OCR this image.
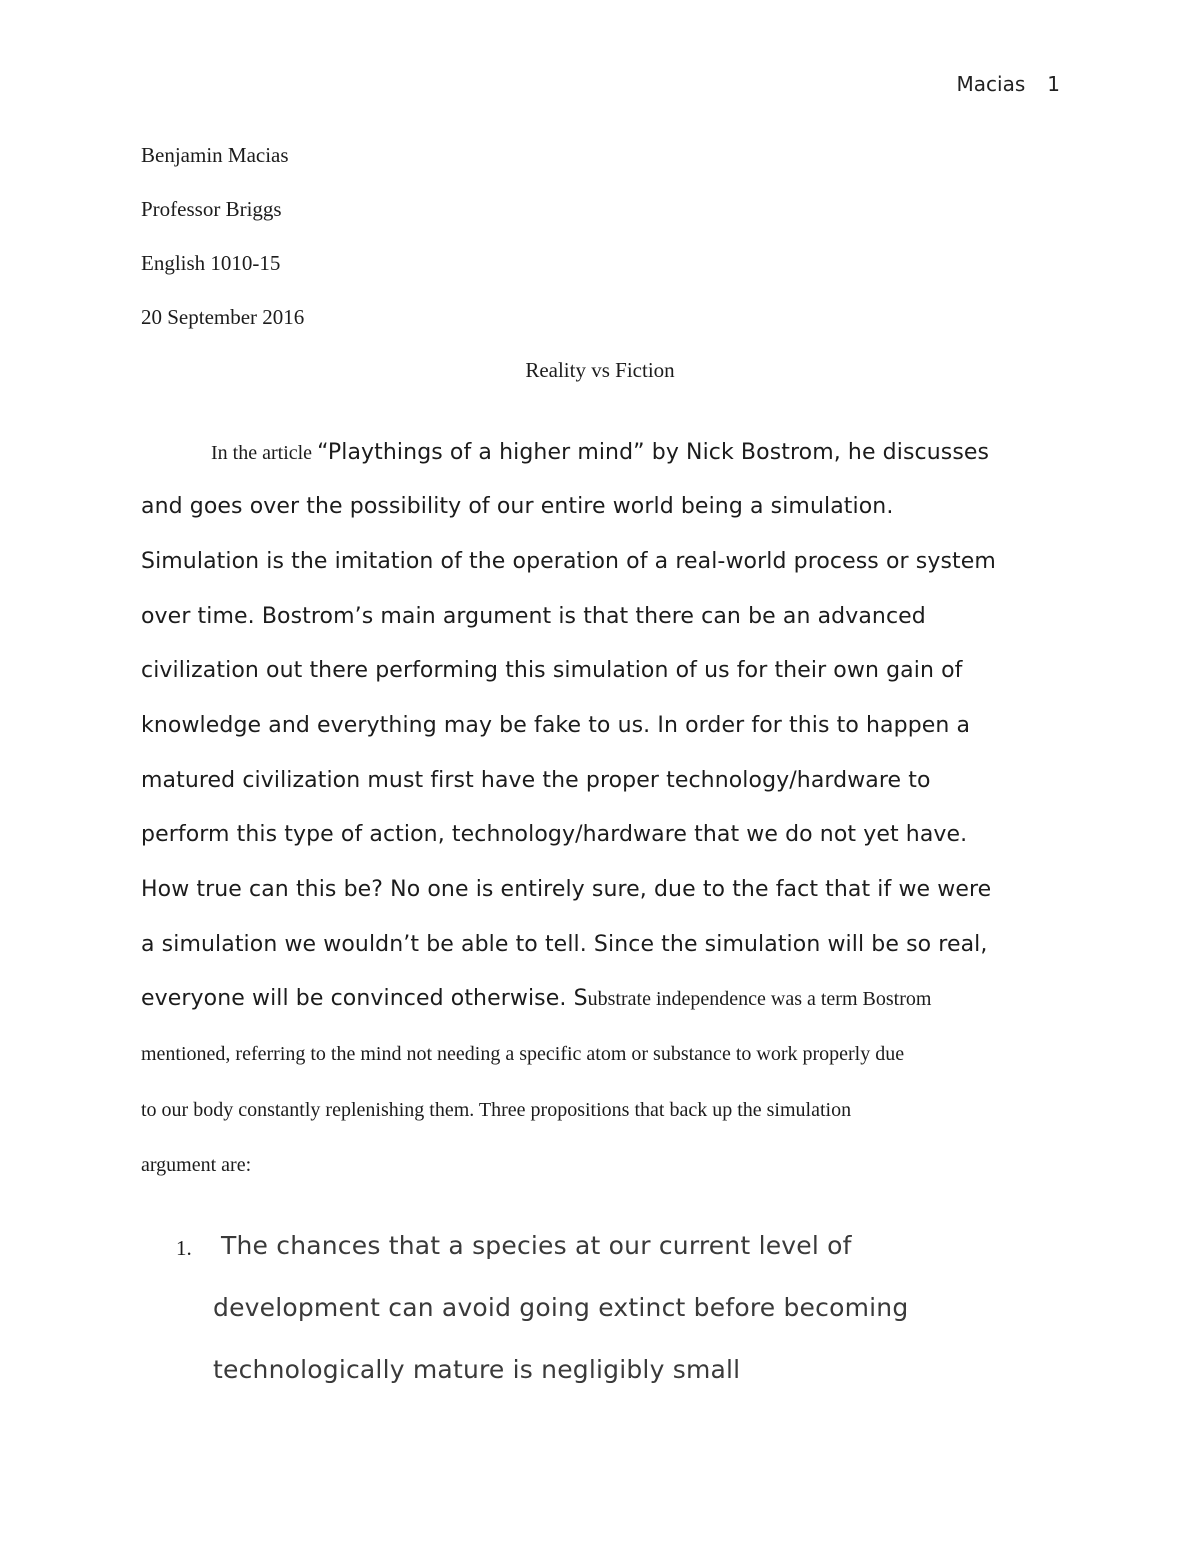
Macias 1
Benjamin Macias
Professor Briggs
English 1010-15
20 September 2016
Reality vs Fiction
In the article “Playthings of a higher mind” by Nick Bostrom, he discusses
and goes over the possibility of our entire world being a simulation.
Simulation is the imitation of the operation of a real-world process or system
over time. Bostrom’s main argument is that there can be an advanced
civilization out there performing this simulation of us for their own gain of
knowledge and everything may be fake to us. In order for this to happen a
matured civilization must first have the proper technology/hardware to
perform this type of action, technology/hardware that we do not yet have.
How true can this be? No one is entirely sure, due to the fact that if we were
a simulation we wouldn’t be able to tell. Since the simulation will be so real,
everyone will be convinced otherwise. Substrate independence was a term Bostrom
mentioned, referring to the mind not needing a specific atom or substance to work properly due
to our body constantly replenishing them. Three propositions that back up the simulation
argument are:
1. The chances that a species at our current level of
development can avoid going extinct before becoming
technologically mature is negligibly small
